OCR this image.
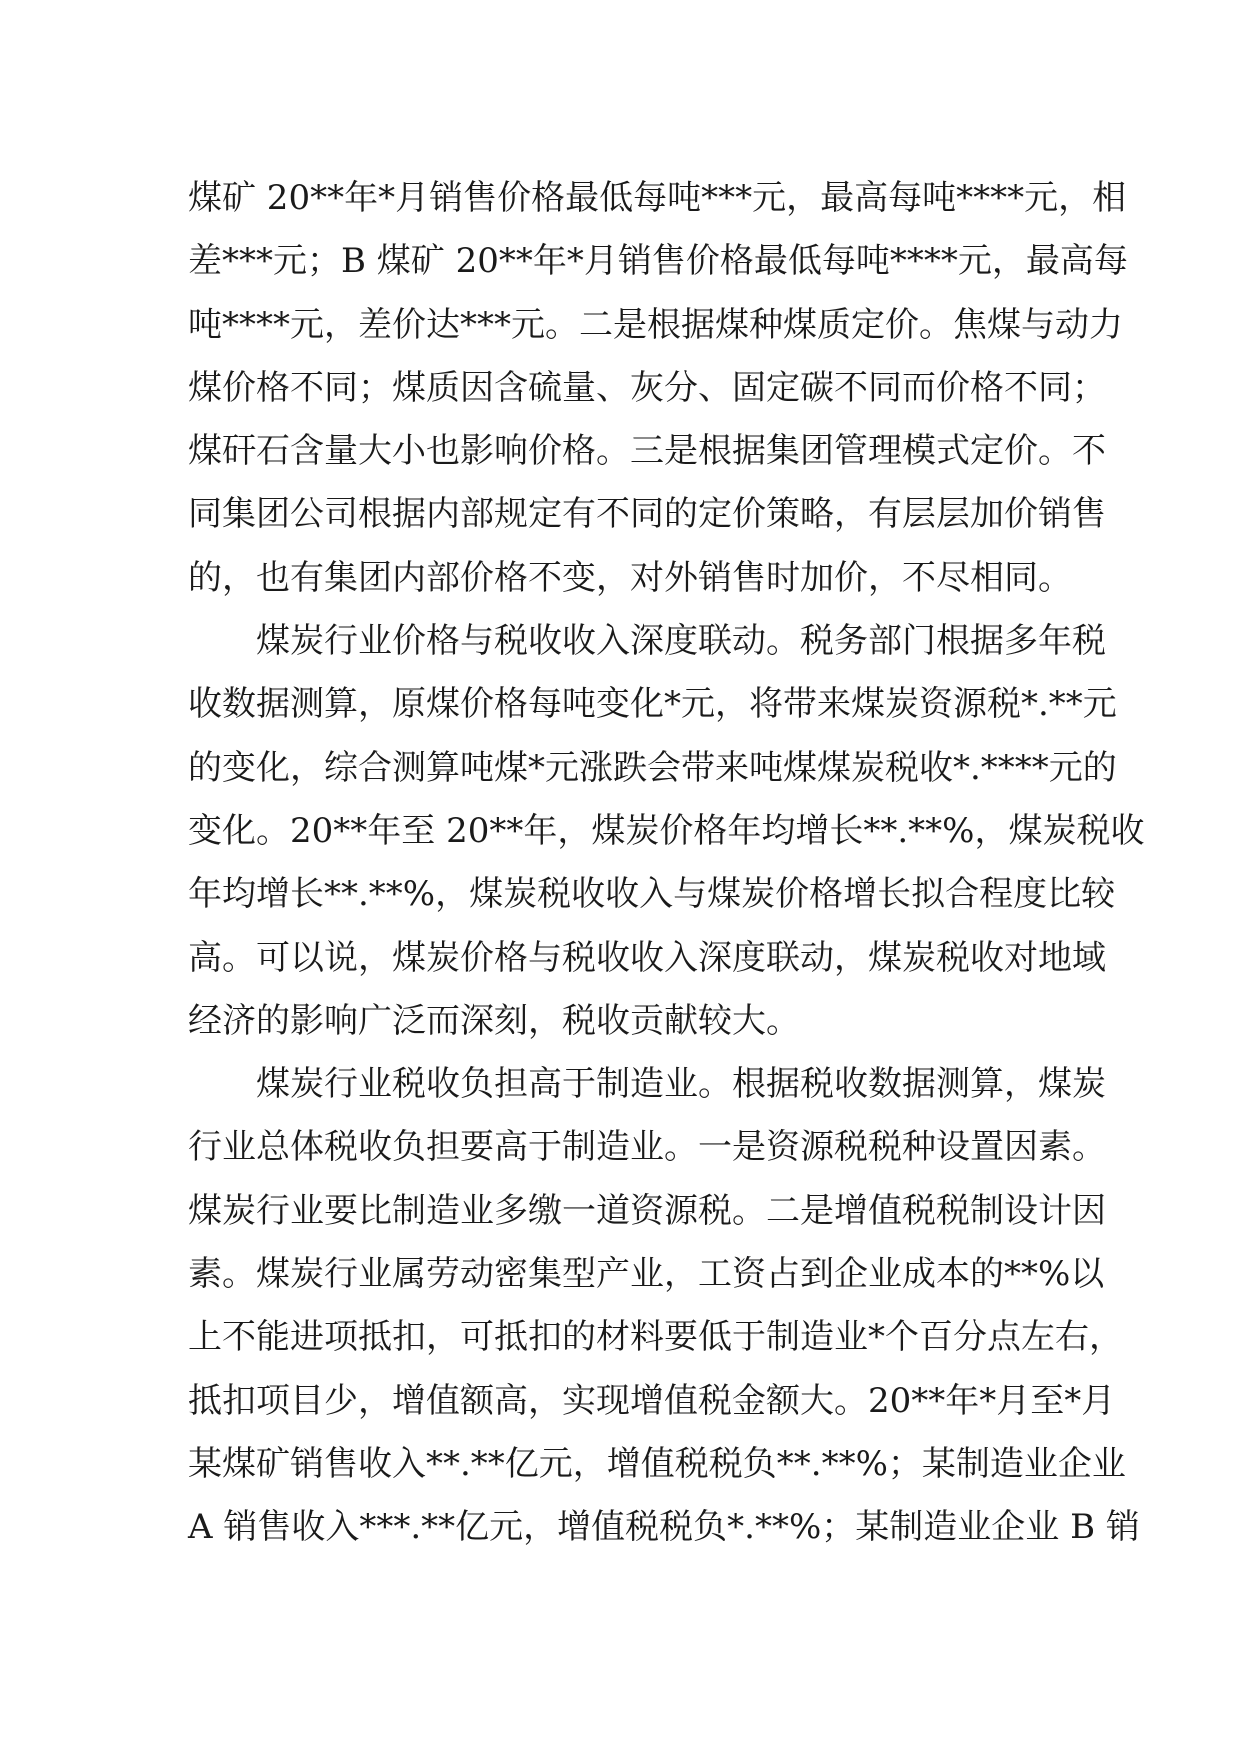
煤矿 20**年*月销售价格最低每吨***元，最高每吨****元，相
差***元；B 煤矿 20**年*月销售价格最低每吨****元，最高每
吨****元，差价达***元。二是根据煤种煤质定价。焦煤与动力
煤价格不同；煤质因含硫量、灰分、固定碳不同而价格不同；
煤矸石含量大小也影响价格。三是根据集团管理模式定价。不
同集团公司根据内部规定有不同的定价策略，有层层加价销售
的，也有集团内部价格不变，对外销售时加价，不尽相同。
煤炭行业价格与税收收入深度联动。税务部门根据多年税
收数据测算，原煤价格每吨变化*元，将带来煤炭资源税*.**元
的变化，综合测算吨煤*元涨跌会带来吨煤煤炭税收*.****元的
变化。20**年至 20**年，煤炭价格年均增长**.**%，煤炭税收
年均增长**.**%，煤炭税收收入与煤炭价格增长拟合程度比较
高。可以说，煤炭价格与税收收入深度联动，煤炭税收对地域
经济的影响广泛而深刻，税收贡献较大。
煤炭行业税收负担高于制造业。根据税收数据测算，煤炭
行业总体税收负担要高于制造业。一是资源税税种设置因素。
煤炭行业要比制造业多缴一道资源税。二是增值税税制设计因
素。煤炭行业属劳动密集型产业，工资占到企业成本的**%以
上不能进项抵扣，可抵扣的材料要低于制造业*个百分点左右，
抵扣项目少，增值额高，实现增值税金额大。20**年*月至*月
某煤矿销售收入**.**亿元，增值税税负**.**%；某制造业企业
A 销售收入***.**亿元，增值税税负*.**%；某制造业企业 B 销
